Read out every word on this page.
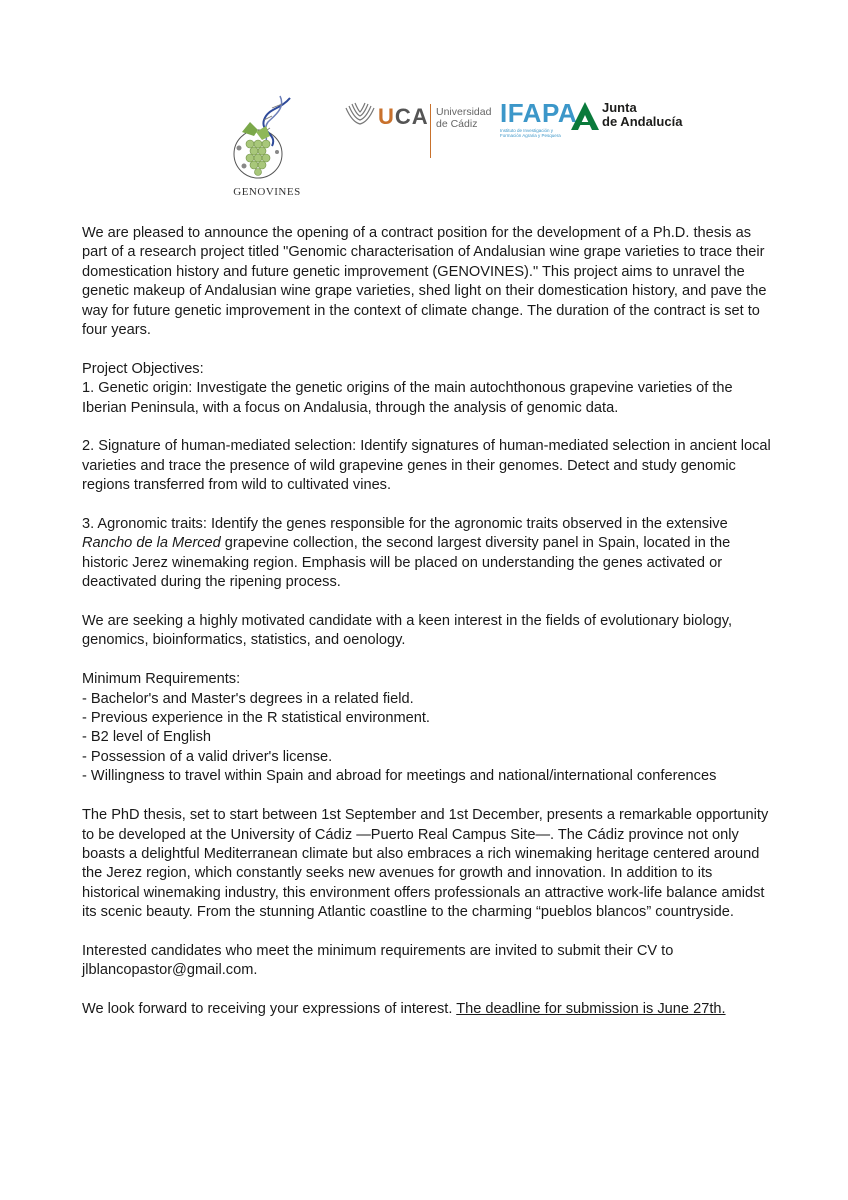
GENOVINES
UCA Universidad
de Cádiz IFAPA
Instituto de Investigación y Formación Agraria y Pesquera
Junta
de Andalucía

We are pleased to announce the opening of a contract position for the development of a Ph.D. thesis as part of a research project titled "Genomic characterisation of Andalusian wine grape varieties to trace their domestication history and future genetic improvement (GENOVINES)." This project aims to unravel the genetic makeup of Andalusian wine grape varieties, shed light on their domestication history, and pave the way for future genetic improvement in the context of climate change. The duration of the contract is set to four years.

Project Objectives:

1. Genetic origin: Investigate the genetic origins of the main autochthonous grapevine varieties of the Iberian Peninsula, with a focus on Andalusia, through the analysis of genomic data.

2. Signature of human-mediated selection: Identify signatures of human-mediated selection in ancient local varieties and trace the presence of wild grapevine genes in their genomes. Detect and study genomic regions transferred from wild to cultivated vines.

3. Agronomic traits: Identify the genes responsible for the agronomic traits observed in the extensive Rancho de la Merced grapevine collection, the second largest diversity panel in Spain, located in the historic Jerez winemaking region. Emphasis will be placed on understanding the genes activated or deactivated during the ripening process.

We are seeking a highly motivated candidate with a keen interest in the fields of evolutionary biology, genomics, bioinformatics, statistics, and oenology.

Minimum Requirements:

- Bachelor's and Master's degrees in a related field.

- Previous experience in the R statistical environment.

- B2 level of English

- Possession of a valid driver's license.

- Willingness to travel within Spain and abroad for meetings and national/international conferences

The PhD thesis, set to start between 1st September and 1st December, presents a remarkable opportunity to be developed at the University of Cádiz —Puerto Real Campus Site—. The Cádiz province not only boasts a delightful Mediterranean climate but also embraces a rich winemaking heritage centered around the Jerez region, which constantly seeks new avenues for growth and innovation. In addition to its historical winemaking industry, this environment offers professionals an attractive work-life balance amidst its scenic beauty. From the stunning Atlantic coastline to the charming “pueblos blancos” countryside.

Interested candidates who meet the minimum requirements are invited to submit their CV to jlblancopastor@gmail.com.

We look forward to receiving your expressions of interest. The deadline for submission is June 27th.
